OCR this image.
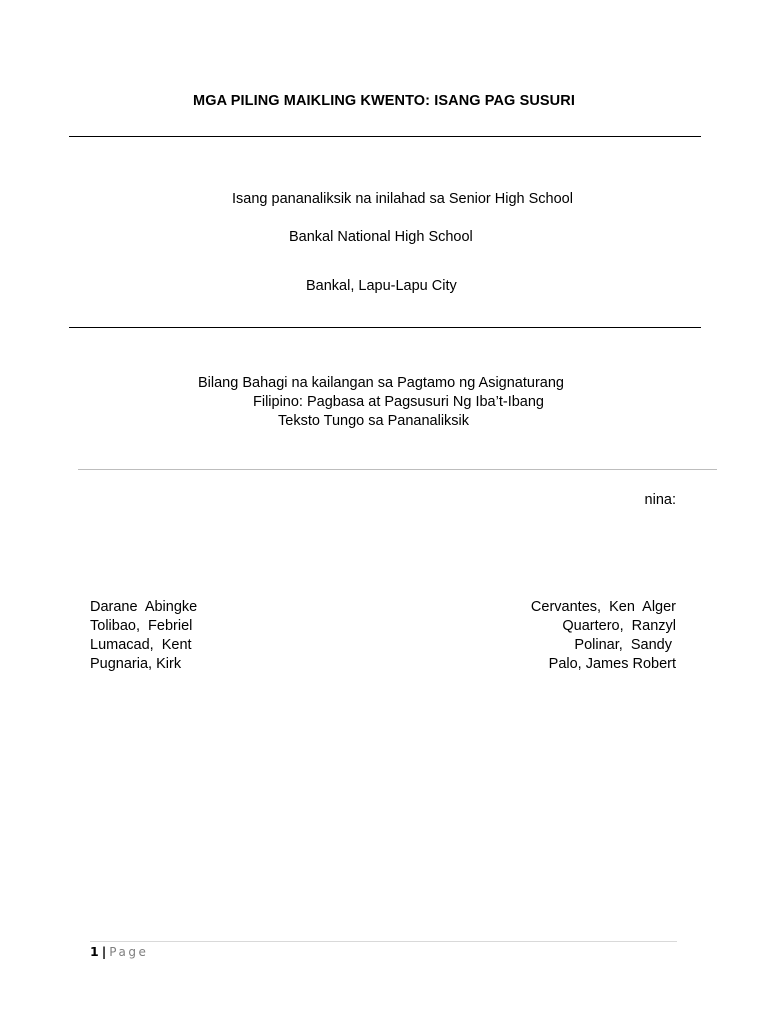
MGA PILING MAIKLING KWENTO: ISANG PAG SUSURI
Isang pananaliksik na inilahad sa Senior High School
Bankal National High School
Bankal, Lapu-Lapu City
Bilang Bahagi na kailangan sa Pagtamo ng Asignaturang
Filipino: Pagbasa at Pagsusuri Ng Iba’t-Ibang
Teksto Tungo sa Pananaliksik
nina:
Darane  Abingke
Tolibao,  Febriel
Lumacad,  Kent
Pugnaria, Kirk
Cervantes,  Ken  Alger
Quartero,  Ranzyl
Polinar,  Sandy
Palo, James Robert
1 | Page
